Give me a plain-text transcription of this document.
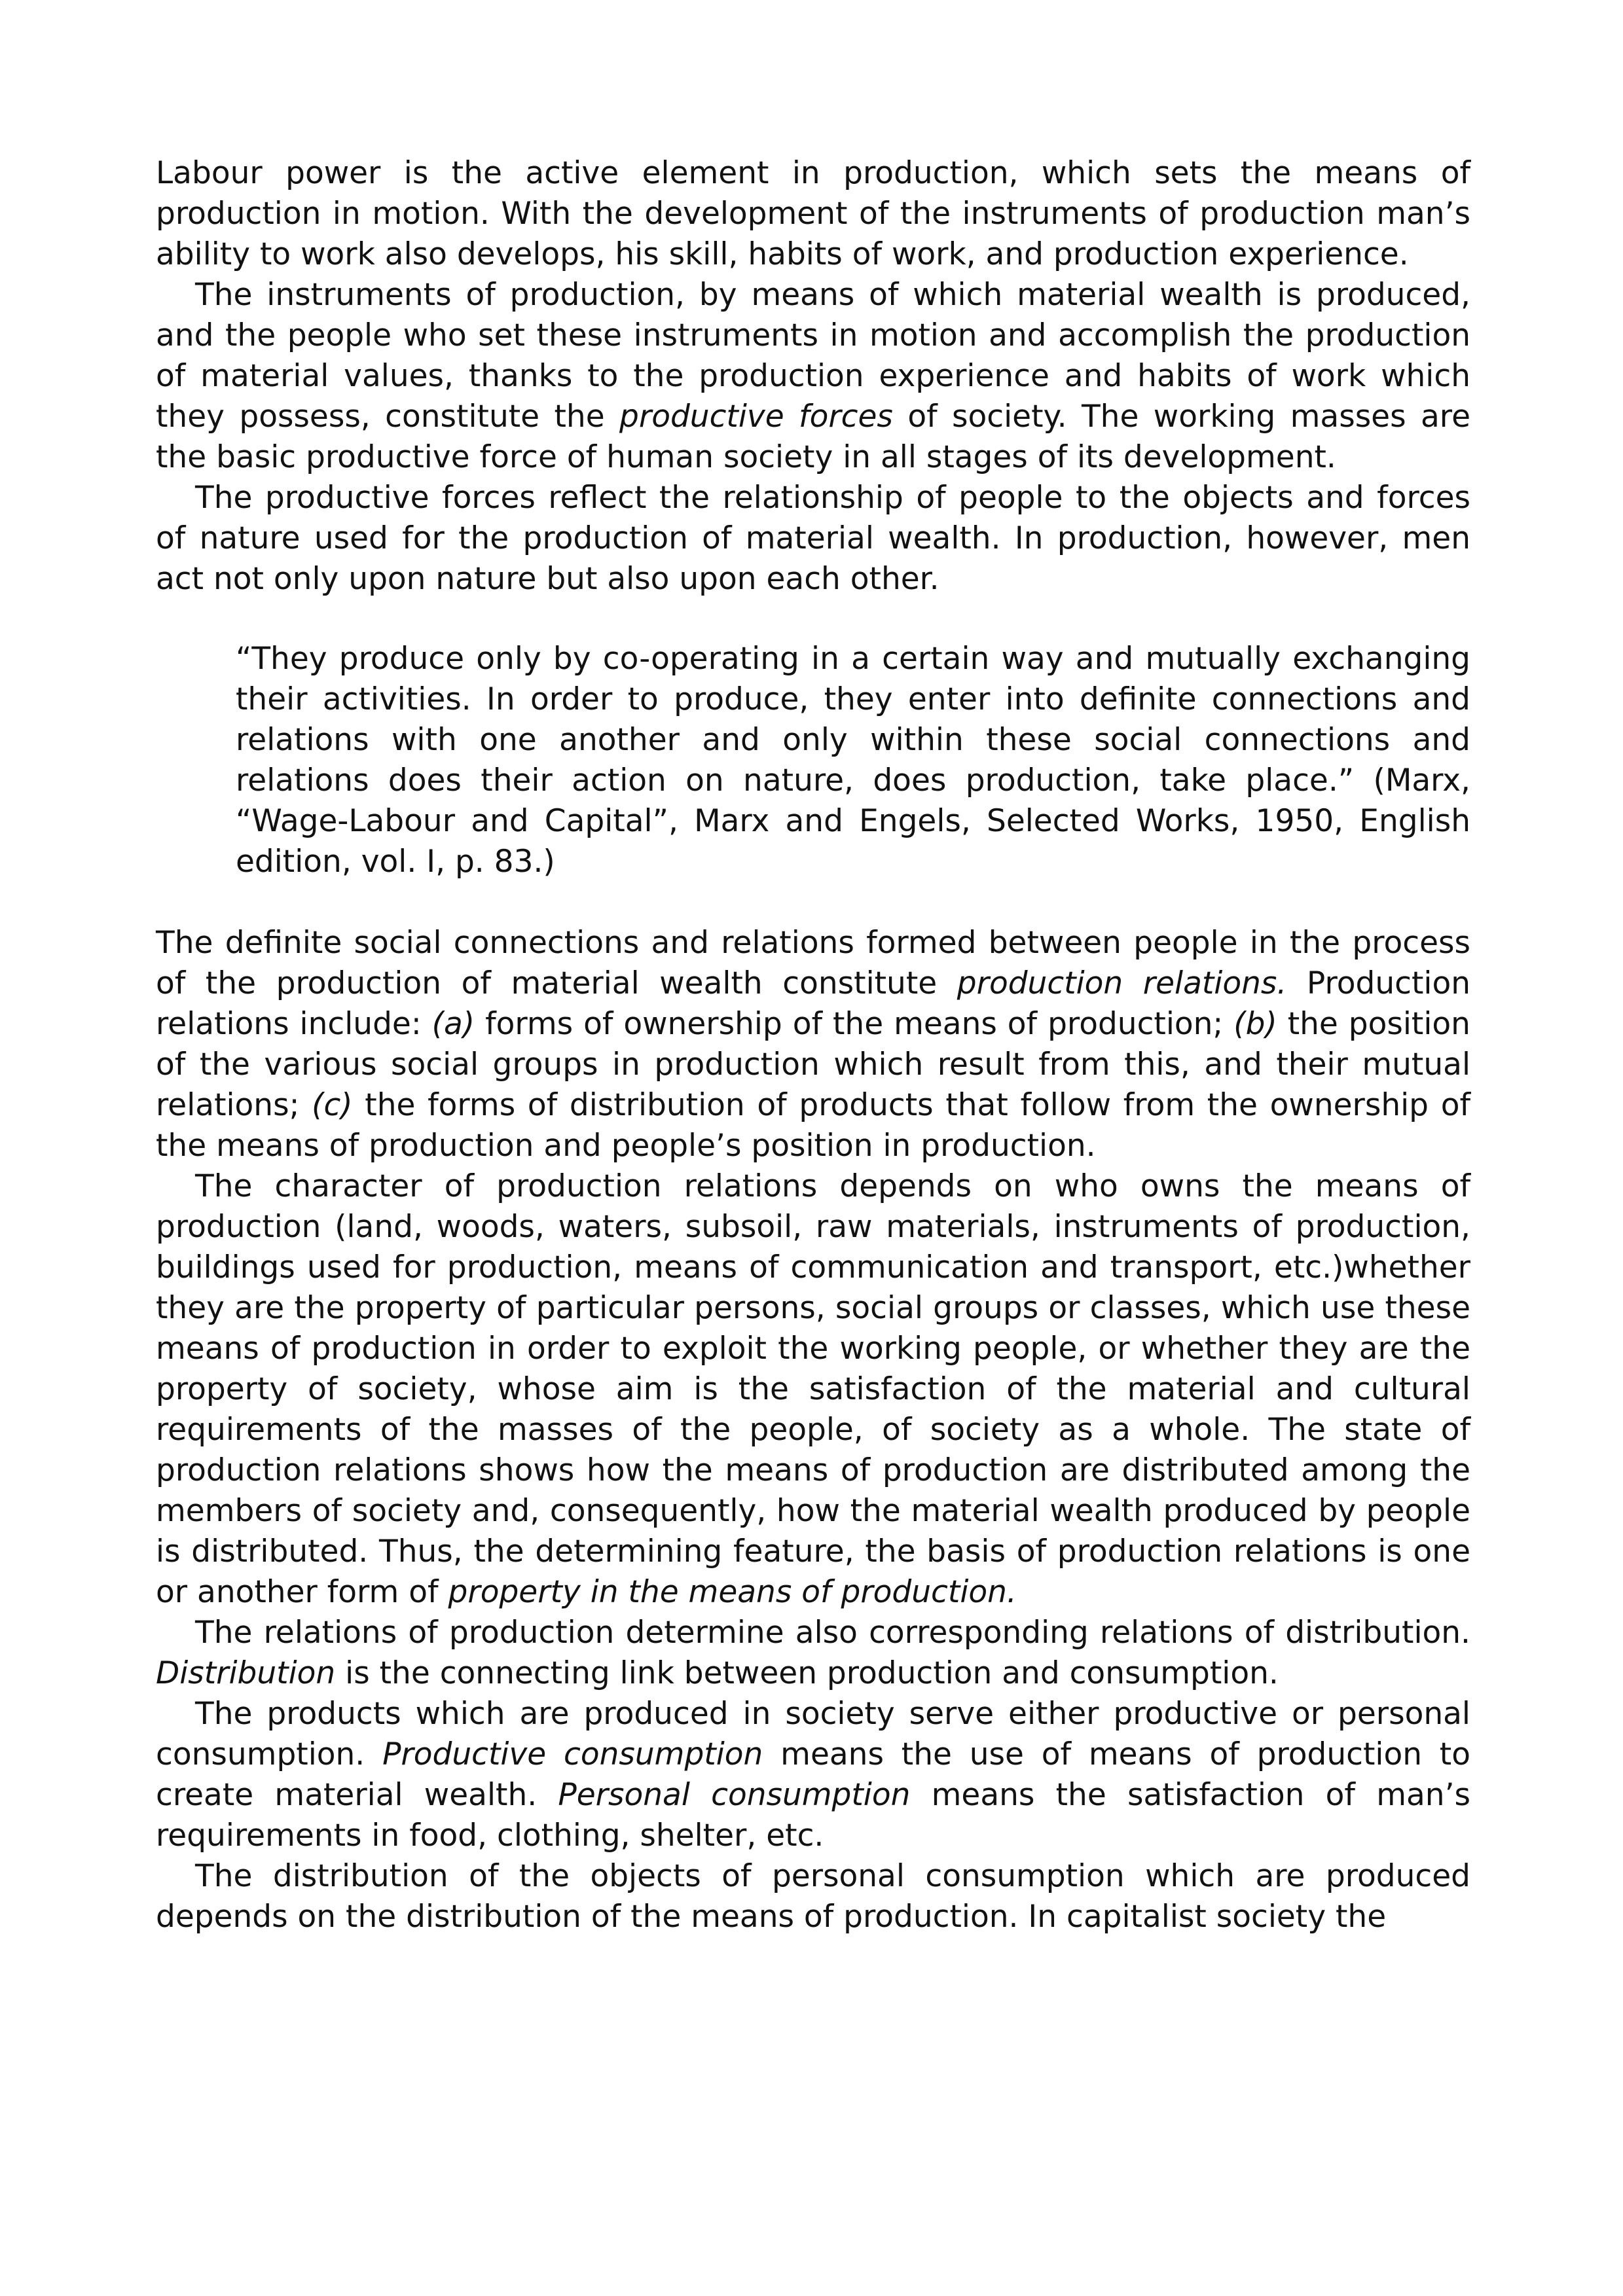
Labour power is the active element in production, which sets the means of production in motion. With the development of the instruments of production man’s ability to work also develops, his skill, habits of work, and production experience.

The instruments of production, by means of which material wealth is produced, and the people who set these instruments in motion and accomplish the production of material values, thanks to the production experience and habits of work which they possess, constitute the productive forces of society. The working masses are the basic productive force of human society in all stages of its development.

The productive forces reflect the relationship of people to the objects and forces of nature used for the production of material wealth. In production, however, men act not only upon nature but also upon each other.

“They produce only by co-operating in a certain way and mutually exchanging their activities. In order to produce, they enter into definite connections and relations with one another and only within these social connections and relations does their action on nature, does production, take place.” (Marx, “Wage-Labour and Capital”, Marx and Engels, Selected Works, 1950, English edition, vol. I, p. 83.)

The definite social connections and relations formed between people in the process of the production of material wealth constitute production relations. Production relations include: (a) forms of ownership of the means of production; (b) the position of the various social groups in production which result from this, and their mutual relations; (c) the forms of distribution of products that follow from the ownership of the means of production and people’s position in production.

The character of production relations depends on who owns the means of production (land, woods, waters, subsoil, raw materials, instruments of production, buildings used for production, means of communication and transport, etc.)whether they are the property of particular persons, social groups or classes, which use these means of production in order to exploit the working people, or whether they are the property of society, whose aim is the satisfaction of the material and cultural requirements of the masses of the people, of society as a whole. The state of production relations shows how the means of production are distributed among the members of society and, consequently, how the material wealth produced by people is distributed. Thus, the determining feature, the basis of production relations is one or another form of property in the means of production.

The relations of production determine also corresponding relations of distribution. Distribution is the connecting link between production and consumption.

The products which are produced in society serve either productive or personal consumption. Productive consumption means the use of means of production to create material wealth. Personal consumption means the satisfaction of man’s requirements in food, clothing, shelter, etc.

The distribution of the objects of personal consumption which are produced depends on the distribution of the means of production. In capitalist society the
